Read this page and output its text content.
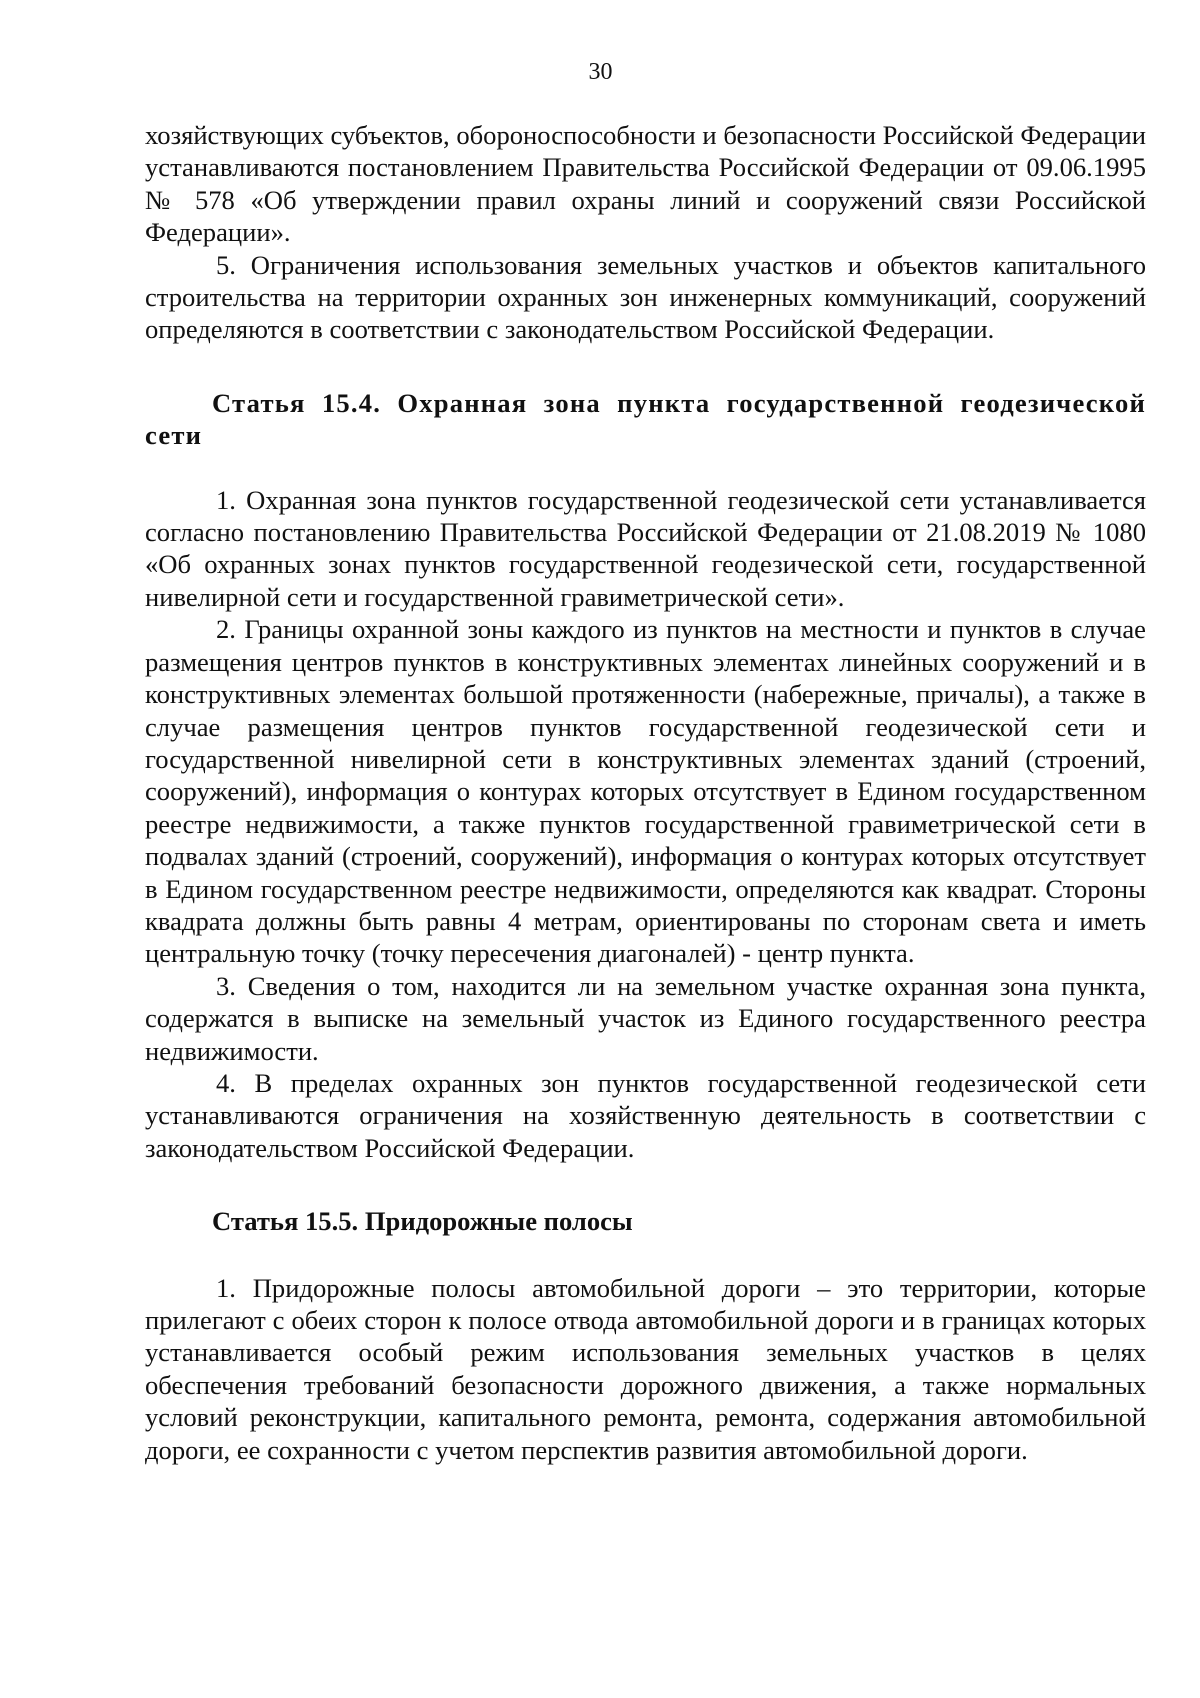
30

хозяйствующих субъектов, обороноспособности и безопасности Российской Федерации устанавливаются постановлением Правительства Российской Федерации от 09.06.1995 № 578 «Об утверждении правил охраны линий и сооружений связи Российской Федерации».

5. Ограничения использования земельных участков и объектов капитального строительства на территории охранных зон инженерных коммуникаций, сооружений определяются в соответствии с законодательством Российской Федерации.

Статья 15.4. Охранная зона пункта государственной геодезической сети

1. Охранная зона пунктов государственной геодезической сети устанавливается согласно постановлению Правительства Российской Федерации от 21.08.2019 № 1080 «Об охранных зонах пунктов государственной геодезической сети, государственной нивелирной сети и государственной гравиметрической сети».

2. Границы охранной зоны каждого из пунктов на местности и пунктов в случае размещения центров пунктов в конструктивных элементах линейных сооружений и в конструктивных элементах большой протяженности (набережные, причалы), а также в случае размещения центров пунктов государственной геодезической сети и государственной нивелирной сети в конструктивных элементах зданий (строений, сооружений), информация о контурах которых отсутствует в Едином государственном реестре недвижимости, а также пунктов государственной гравиметрической сети в подвалах зданий (строений, сооружений), информация о контурах которых отсутствует в Едином государственном реестре недвижимости, определяются как квадрат. Стороны квадрата должны быть равны 4 метрам, ориентированы по сторонам света и иметь центральную точку (точку пересечения диагоналей) - центр пункта.

3. Сведения о том, находится ли на земельном участке охранная зона пункта, содержатся в выписке на земельный участок из Единого государственного реестра недвижимости.

4. В пределах охранных зон пунктов государственной геодезической сети устанавливаются ограничения на хозяйственную деятельность в соответствии с законодательством Российской Федерации.

Статья 15.5. Придорожные полосы

1. Придорожные полосы автомобильной дороги – это территории, которые прилегают с обеих сторон к полосе отвода автомобильной дороги и в границах которых устанавливается особый режим использования земельных участков в целях обеспечения требований безопасности дорожного движения, а также нормальных условий реконструкции, капитального ремонта, ремонта, содержания автомобильной дороги, ее сохранности с учетом перспектив развития автомобильной дороги.
